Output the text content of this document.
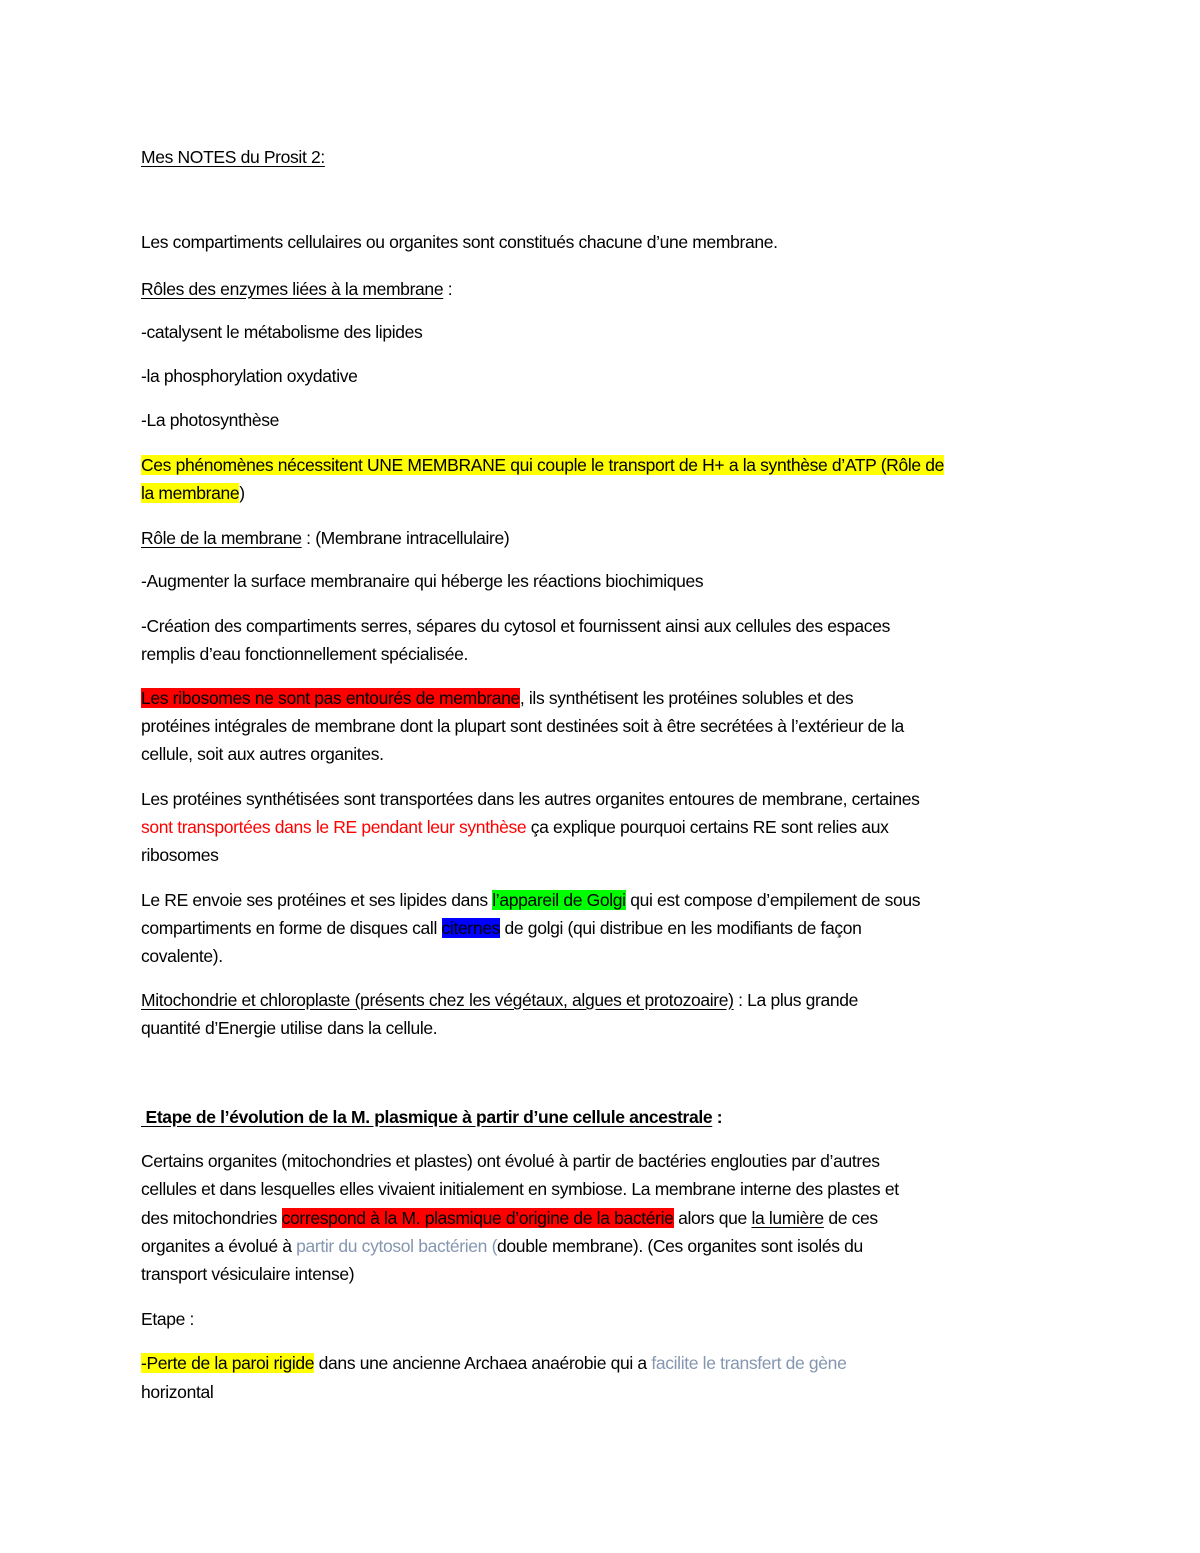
Mes NOTES du Prosit 2:
Les compartiments cellulaires ou organites sont constitués chacune d’une membrane.
Rôles des enzymes liées à la membrane :
-catalysent le métabolisme des lipides
-la phosphorylation oxydative
-La photosynthèse
Ces phénomènes nécessitent UNE MEMBRANE qui couple le transport de H+ a la synthèse d’ATP (Rôle de
la membrane)
Rôle de la membrane : (Membrane intracellulaire)
-Augmenter la surface membranaire qui héberge les réactions biochimiques
-Création des compartiments serres, sépares du cytosol et fournissent ainsi aux cellules des espaces
remplis d’eau fonctionnellement spécialisée.
Les ribosomes ne sont pas entourés de membrane, ils synthétisent les protéines solubles et des
protéines intégrales de membrane dont la plupart sont destinées soit à être secrétées à l’extérieur de la
cellule, soit aux autres organites.
Les protéines synthétisées sont transportées dans les autres organites entoures de membrane, certaines
sont transportées dans le RE pendant leur synthèse ça explique pourquoi certains RE sont relies aux
ribosomes
Le RE envoie ses protéines et ses lipides dans l’appareil de Golgi qui est compose d’empilement de sous
compartiments en forme de disques call citernes de golgi (qui distribue en les modifiants de façon
covalente).
Mitochondrie et chloroplaste (présents chez les végétaux, algues et protozoaire) : La plus grande
quantité d’Energie utilise dans la cellule.
Etape de l’évolution de la M. plasmique à partir d’une cellule ancestrale :
Certains organites (mitochondries et plastes) ont évolué à partir de bactéries englouties par d’autres
cellules et dans lesquelles elles vivaient initialement en symbiose. La membrane interne des plastes et
des mitochondries correspond à la M. plasmique d’origine de la bactérie alors que la lumière de ces
organites a évolué à partir du cytosol bactérien (double membrane). (Ces organites sont isolés du
transport vésiculaire intense)
Etape :
-Perte de la paroi rigide dans une ancienne Archaea anaérobie qui a facilite le transfert de gène
horizontal
